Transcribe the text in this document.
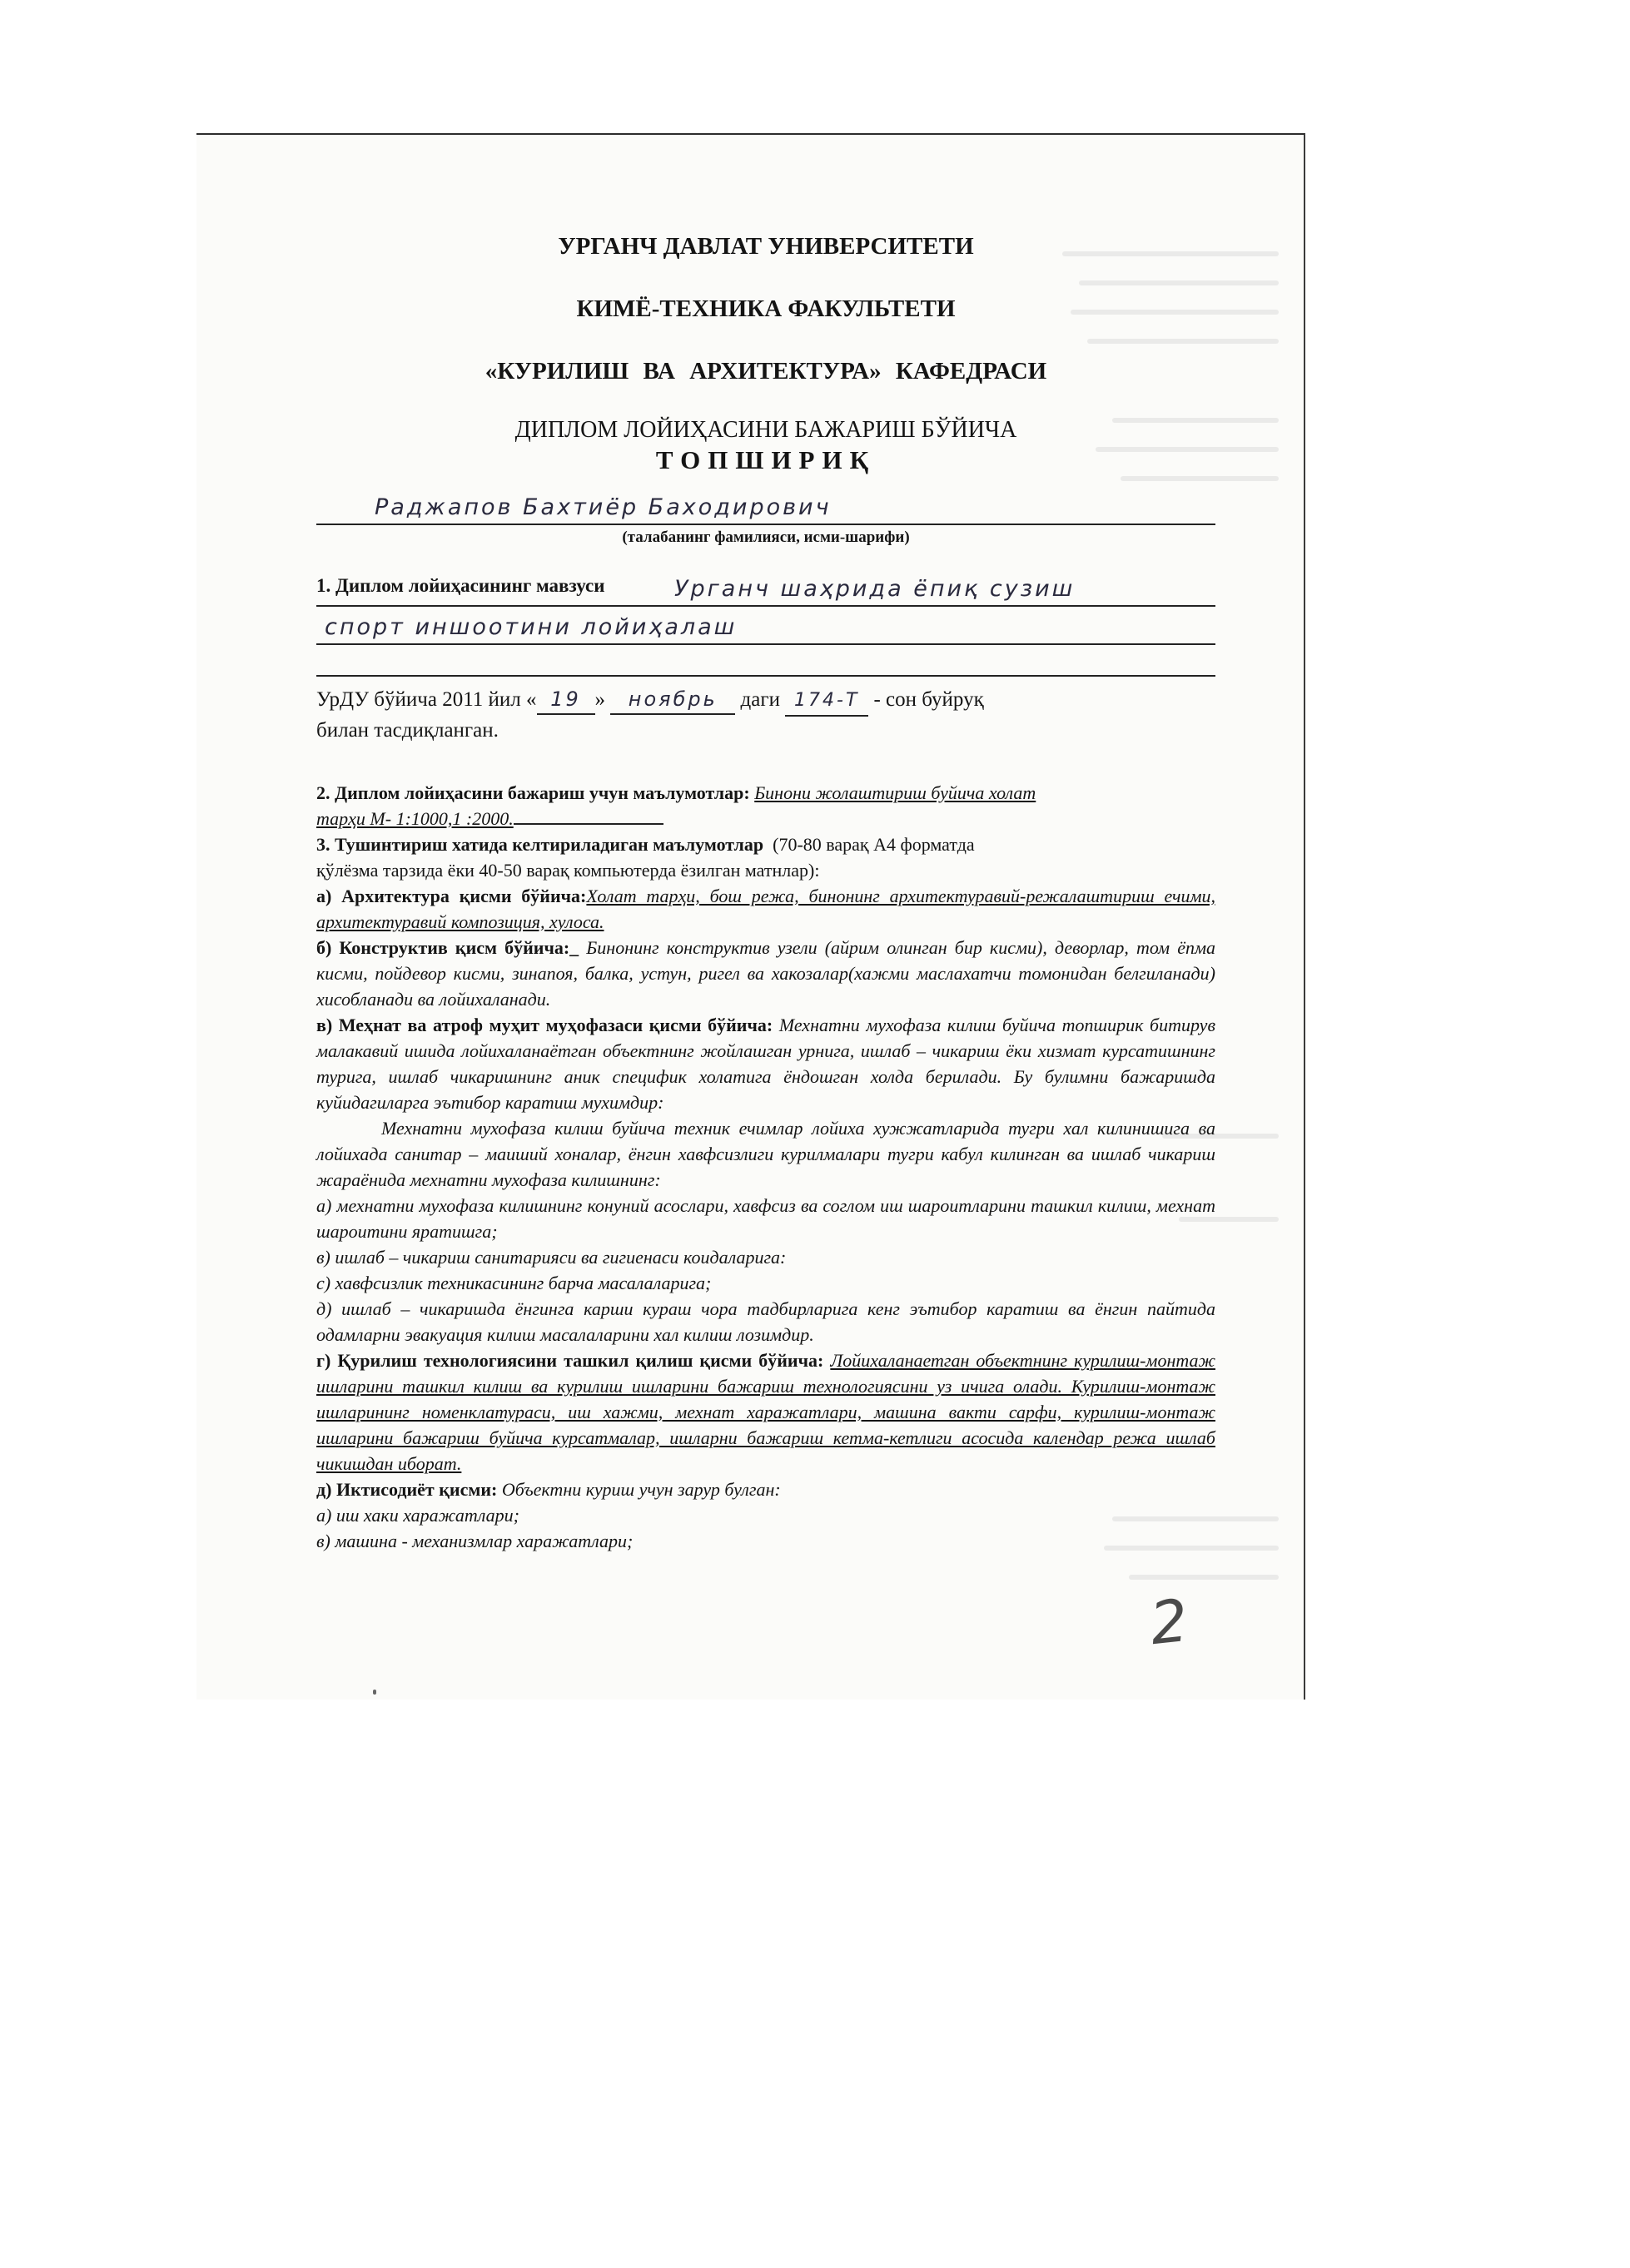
УРГАНЧ ДАВЛАТ УНИВЕРСИТЕТИ
КИМЁ-ТЕХНИКА ФАКУЛЬТЕТИ
«КУРИЛИШ ВА АРХИТЕКТУРА» КАФЕДРАСИ
ДИПЛОМ ЛОЙИҲАСИНИ БАЖАРИШ БЎЙИЧА
ТОПШИРИҚ
Раджапов Бахтиёр Баходирович
(талабанинг фамилияси, исми-шарифи)
1. Диплом лойиҳасининг мавзуси	Урганч шаҳрида ёпиқ сузиш
спорт иншоотини лойиҳалаш
УрДУ бўйича 2011 йил « 19 » ноябрь даги 174-Т - сон буйруқ
билан тасдиқланган.
2. Диплом лойиҳасини бажариш учун маълумотлар: Бинони жолаштириш буйича холат
тарҳи М- 1:1000,1 :2000.
3. Тушинтириш хатида келтириладиган маълумотлар (70-80 варақ А4 форматда
қўлёзма тарзида ёки 40-50 варақ компьютерда ёзилган матнлар):
а) Архитектура қисми бўйича:Холат тарҳи, бош режа, бинонинг архитектуравий-режалаштириш ечими, архитектуравий композиция, хулоса.
б) Конструктив қисм бўйича:_ Бинонинг конструктив узели (айрим олинган бир кисми), деворлар, том ёпма кисми, пойдевор кисми, зинапоя, балка, устун, ригел ва хакозалар(хажми маслахатчи томонидан белгиланади) хисобланади ва лойихаланади.
в) Меҳнат ва атроф муҳит муҳофазаси қисми бўйича: Мехнатни мухофаза килиш буйича топширик битирув малакавий ишида лойихаланаётган объектнинг жойлашган урнига, ишлаб – чикариш ёки хизмат курсатишнинг турига, ишлаб чикаришнинг аник специфик холатига ёндошган холда берилади. Бу булимни бажаришда куйидагиларга эътибор каратиш мухимдир:
Мехнатни мухофаза килиш буйича техник ечимлар лойиха хужжатларида тугри хал килинишига ва лойихада санитар – маиший хоналар, ёнгин хавфсизлиги курилмалари тугри кабул килинган ва ишлаб чикариш жараёнида мехнатни мухофаза килишнинг:
а) мехнатни мухофаза килишнинг конуний асослари, хавфсиз ва соглом иш шароитларини ташкил килиш, мехнат шароитини яратишга;
в) ишлаб – чикариш санитарияси ва гигиенаси коидаларига:
с) хавфсизлик техникасининг барча масалаларига;
д) ишлаб – чикаришда ёнгинга карши кураш чора тадбирларига кенг эътибор каратиш ва ёнгин пайтида одамларни эвакуация килиш масалаларини хал килиш лозимдир.
г) Қурилиш технологиясини ташкил қилиш қисми бўйича: Лойихаланаетган объектнинг курилиш-монтаж ишларини ташкил килиш ва курилиш ишларини бажариш технологиясини уз ичига олади. Курилиш-монтаж ишларининг номенклатураси, иш хажми, мехнат харажатлари, машина вакти сарфи, курилиш-монтаж ишларини бажариш буйича курсатмалар, ишларни бажариш кетма-кетлиги асосида календар режа ишлаб чикишдан иборат.
д) Иктисодиёт қисми: Объектни куриш учун зарур булган:
а) иш хаки харажатлари;
в) машина - механизмлар харажатлари;
2
